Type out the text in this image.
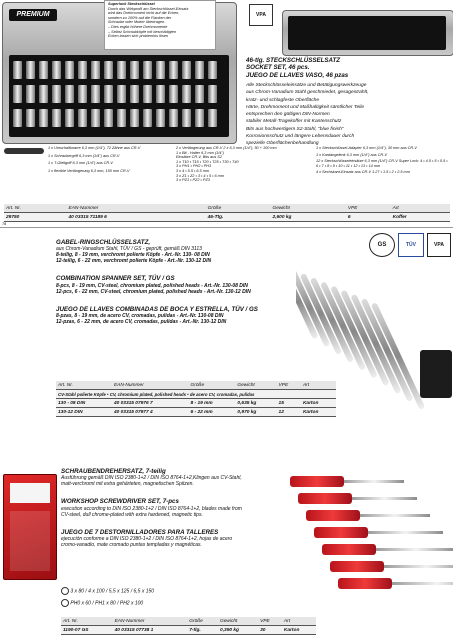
PREMIUM
Superlock Steckschlüssel
Durch das Wirkprofil am Steckschlüssel-Einsatz
wird das Drehmoment nicht auf die Ecken,
sondern zu 100% auf die Flanken der
Schraube oder Mutter übertragen.
– Dies ergibt höhere Drehmomente
– Selbst Schraubköpfe mit beschädigten
Ecken lassen sich problemlos lösen
VPA
46-tlg. STECKSCHLÜSSELSATZ
SOCKET SET, 46 pcs.
JUEGO DE LLAVES VASO, 46 pzas
Alle Steckschlüsseleinsätze und Betätigungswerkzeuge
aus Chrom-Vanadium Stahl geschmiedet, gesagestrahlt,
kratz- und schlagfeste Oberfläche
Härte, Drehmoment und Maßhaltigkeit sämtlicher Teile
entsprechen den gültigen DIN-Normen
stabiler Metall-Tragekoffer mit Kantenschutz
Bits aus hochwertigem S2-Stahl, "blue finish"
Korrosionsschutz und längere Lebensdauer durch
spezielle Oberflächenbehandlung
1 x Umschaltknarre 6,3 mm (1/4"), 72 Zähne aus CR-V
1 x Schraubergriff 6,3 mm (1/4") aus CR-V
1 x T-Gleitgriff 6,3 mm (1/4") aus CR-V
1 x flexible Verlängerung 6,3 mm, 150 mm CR-V
2 x Verlängerung aus CR-V 2 x 6,3 mm (1/4"), 50 + 100 mm
1 x Bit - Halter 6,3 mm (1/4")
Einsätze CR-V, Bits aus S2
1 x T10 • T15 • T20 • T25 • T30 • T40
3 x PH1 • PH2 • PH3
3 x 4 • 5.5 • 6.5 mm
3 x Z1 • Z2 • 3 • 4 • 5 • 6 mm
3 x PZ1 • PZ2 • PZ3
1 x Steckschlüssel-Adapter 6,3 mm (1/4"), 30 mm aus CR-V
1 x Kardangelenk 6,3 mm (1/4") aus CR-V
12 x Steckschlüsseleinsätze 6,3 mm (1/4") CR-V Super Lock: 4 • 4.5 • 5 • 5.5 • 6 • 7 • 8 • 9 • 10 • 11 • 12 • 13 • 14 mm
4 x Sechskant-Einsatz aus CR-V 1.27 • 1.5 • 2 • 2.5 mm
Art. Nr.	EAN-Nummer	Größe	Gewicht	VPE	Art
29750	40 03315 71189 6	46-Ttg.	2,600 kg	6	Koffer
78
GABEL-RINGSCHLÜSSELSATZ,
aus Chrom-Vanadium Stahl, TÜV / GS - geprüft, gemäß DIN 3113
8-teilig, 8 - 19 mm, verchromt polierte Köpfe - Art.-Nr. 130- 08 DIN
12-teilig, 6 - 22 mm, verchromt polierte Köpfe - Art.-Nr. 130-12 DIN
COMBINATION SPANNER SET, TÜV / GS
8-pcs, 8 - 19 mm, CV-steel, chromium plated, polished heads - Art.-Nr. 130-08 DIN
12-pcs, 6 - 22 mm, CV-steel, chromium plated, polished heads - Art.-Nr. 130-12 DIN
JUEGO DE LLAVES COMBINADAS DE BOCA Y ESTRELLA, TÜV / GS
8-pzas, 8 - 19 mm, de acero CV, cromadas, pulidas - Art.-Nr. 130-08 DIN
12-pzas, 6 - 22 mm, de acero CV, cromadas, pulidas - Art.-Nr. 130-12 DIN
GS	TÜV	VPA
Art. Nr.	EAN-Nummer	Größe	Gewicht	VPE	Art
CV-Stahl polierte Köpfe • CV, chromium plated, polished heads • de acero CV, cromadas, pulidas					
130 - 08 DIN	40 03315 07976 7	8 - 19 mm	0,635 kg	15	Karton
130-12 DIN	40 03315 07977 4	6 - 22 mm	0,970 kg	12	Karton
SCHRAUBENDREHERSATZ, 7-teilig
Ausführung gemäß DIN ISO 2380-1+2 / DIN ISO 8764-1+2,Klingen aus CV-Stahl,
matt-verchromt mit extra gehärteten, magnetischen Spitzen.
WORKSHOP SCREWDRIVER SET, 7-pcs
execution according to DIN ISO 2380-1+2 / DIN ISO 8764-1+2, blades made from
CV-steel, dull chrome-plated with extra hardened, magnetic tips.
JUEGO DE 7 DESTORNILLADORES PARA TALLERES
ejecución conforme a DIN ISO 2380-1+2 / DIN ISO 8764-1+2, hojas de acero
cromo-vanadio, mate cromado puntas templadas y magnéticas.
3 x 80 / 4 x 100 / 5,5 x 125 / 6,5 x 150
PH0 x 60 / PH1 x 80 / PH2 x 100
Art. Nr.	EAN-Nummer	Größe	Gewicht	VPE	Art
1190-07 GS	40 03315 07738 1	7-tlg.	0,390 kg	30	Karton
